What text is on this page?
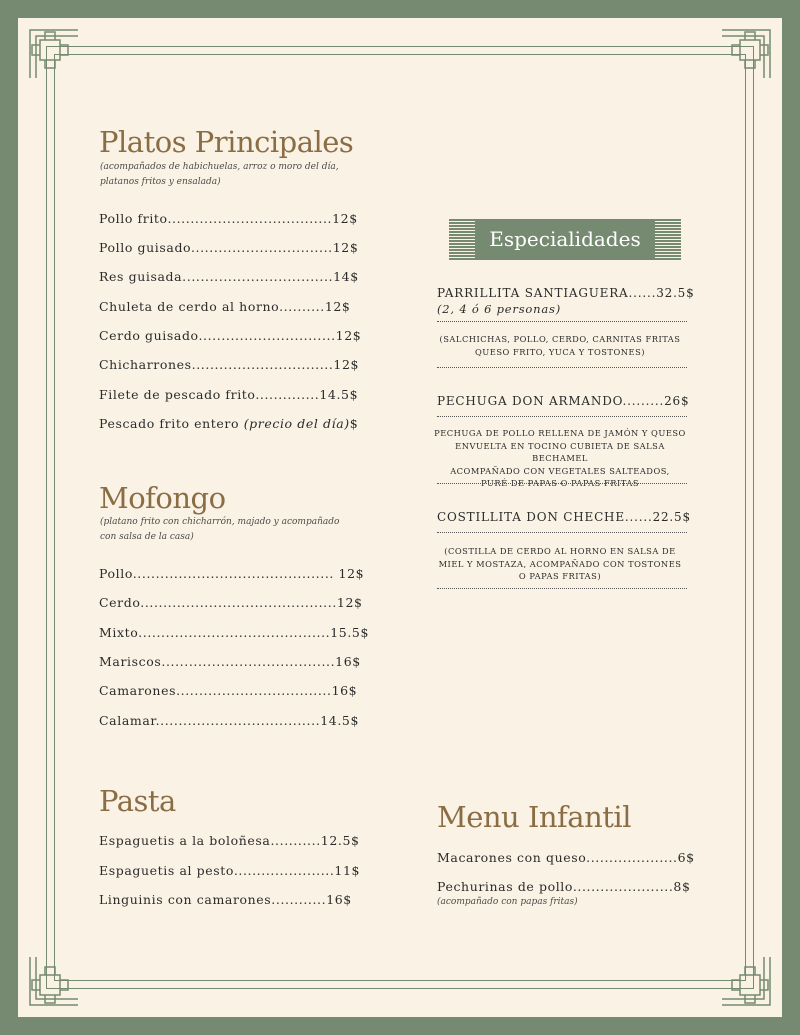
Platos Principales
(acompañados de habichuelas, arroz o moro del día,
platanos fritos y ensalada)
Pollo frito....................................12$
Pollo guisado...............................12$
Res guisada.................................14$
Chuleta de cerdo al horno..........12$
Cerdo guisado..............................12$
Chicharrones...............................12$
Filete de pescado frito..............14.5$
Pescado frito entero (precio del día)$
Mofongo
(platano frito con chicharrón, majado y acompañado
con salsa de la casa)
Pollo............................................ 12$
Cerdo...........................................12$
Mixto..........................................15.5$
Mariscos......................................16$
Camarones..................................16$
Calamar....................................14.5$
Pasta
Espaguetis a la boloñesa...........12.5$
Espaguetis al pesto......................11$
Linguinis con camarones............16$
Especialidades
PARRILLITA SANTIAGUERA......32.5$
(2, 4 ó 6 personas)
(SALCHICHAS, POLLO, CERDO, CARNITAS FRITAS
QUESO FRITO, YUCA Y TOSTONES)
PECHUGA DON ARMANDO.........26$
PECHUGA DE POLLO RELLENA DE JAMÓN Y QUESO
ENVUELTA EN TOCINO CUBIETA DE SALSA BECHAMEL
ACOMPAÑADO CON VEGETALES SALTEADOS,
PURÉ DE PAPAS O PAPAS FRITAS
COSTILLITA DON CHECHE......22.5$
(COSTILLA DE CERDO AL HORNO EN SALSA DE
MIEL Y MOSTAZA, ACOMPAÑADO CON TOSTONES
O PAPAS FRITAS)
Menu Infantil
Macarones con queso....................6$
Pechurinas de pollo......................8$
(acompañado con papas fritas)
